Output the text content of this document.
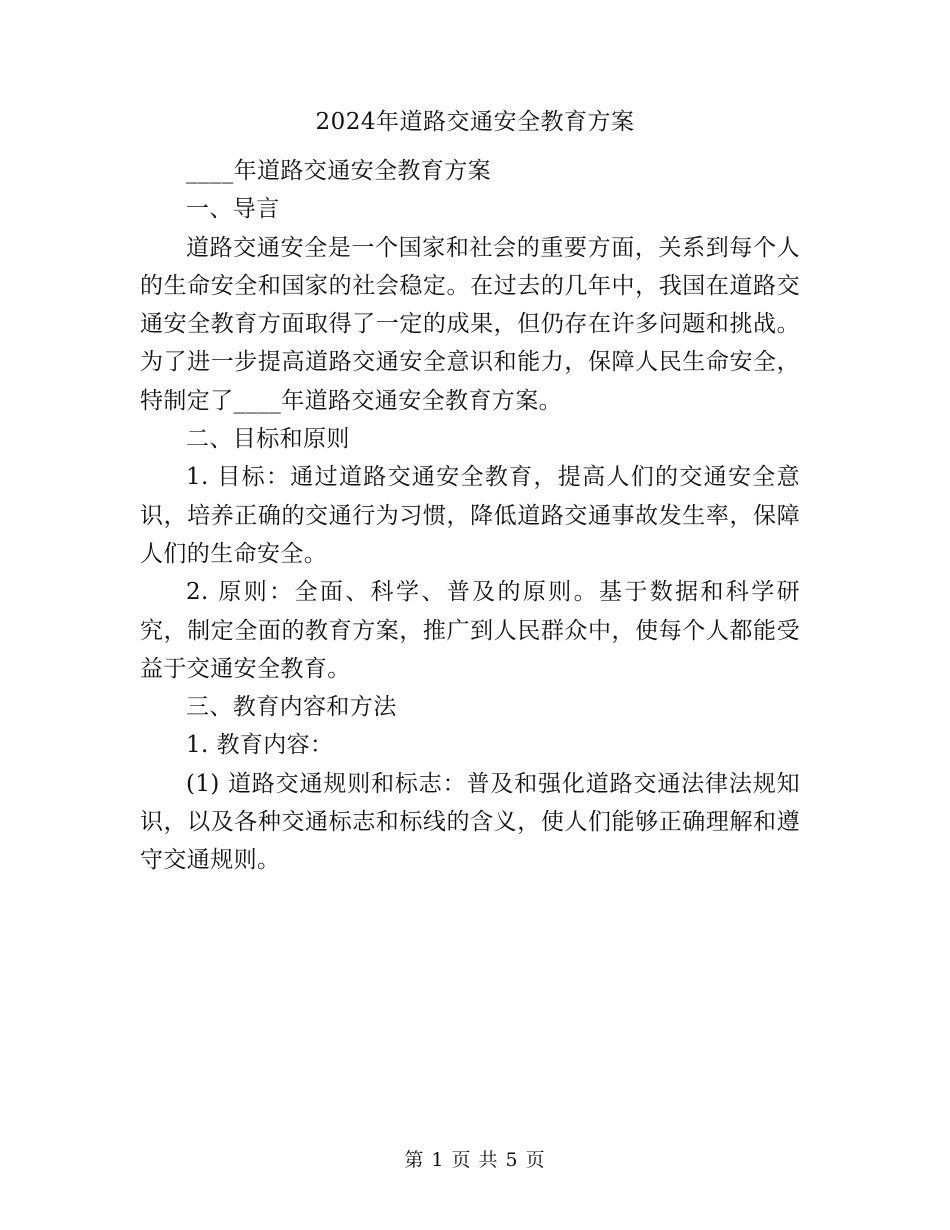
2024年道路交通安全教育方案

____年道路交通安全教育方案

一、导言

道路交通安全是一个国家和社会的重要方面，关系到每个人的生命安全和国家的社会稳定。在过去的几年中，我国在道路交通安全教育方面取得了一定的成果，但仍存在许多问题和挑战。为了进一步提高道路交通安全意识和能力，保障人民生命安全，特制定了____年道路交通安全教育方案。

二、目标和原则

1. 目标：通过道路交通安全教育，提高人们的交通安全意识，培养正确的交通行为习惯，降低道路交通事故发生率，保障人们的生命安全。

2. 原则：全面、科学、普及的原则。基于数据和科学研究，制定全面的教育方案，推广到人民群众中，使每个人都能受益于交通安全教育。

三、教育内容和方法

1. 教育内容：

(1) 道路交通规则和标志：普及和强化道路交通法律法规知识，以及各种交通标志和标线的含义，使人们能够正确理解和遵守交通规则。

第 1 页 共 5 页
